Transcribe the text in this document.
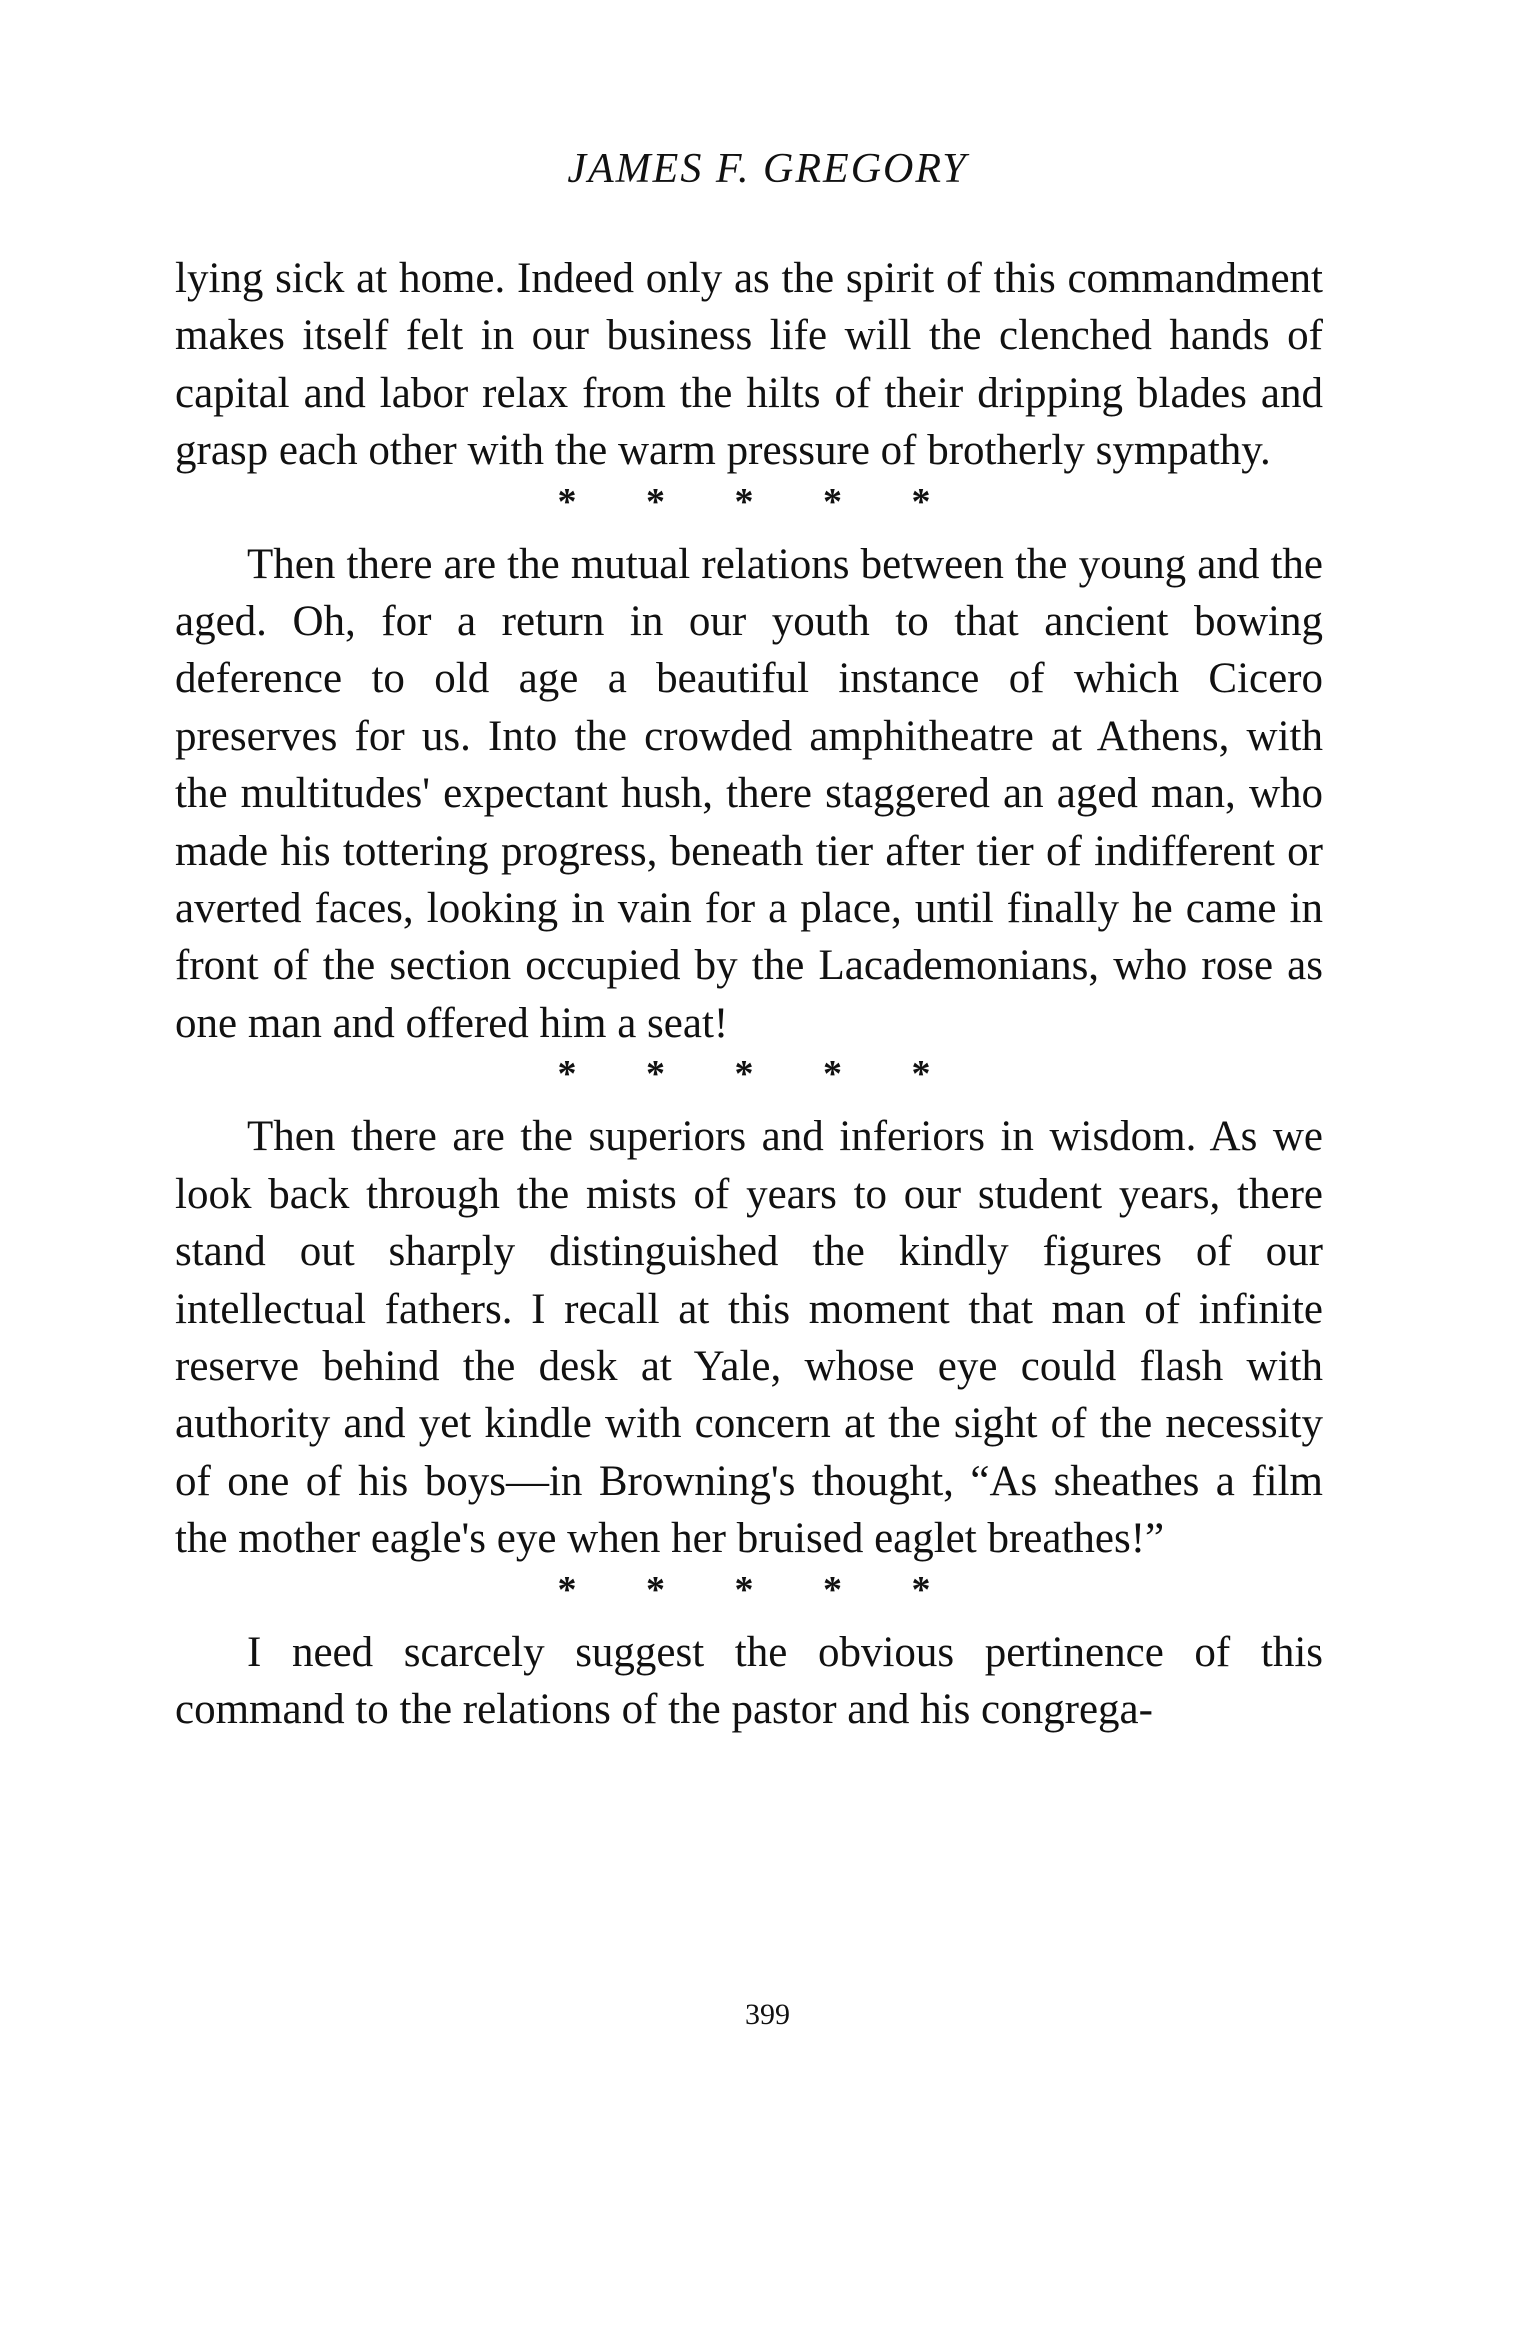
JAMES F. GREGORY

lying sick at home. Indeed only as the spirit of this commandment makes itself felt in our business life will the clenched hands of capital and labor relax from the hilts of their dripping blades and grasp each other with the warm pressure of brotherly sympathy.

* * * * *

Then there are the mutual relations between the young and the aged. Oh, for a return in our youth to that ancient bowing deference to old age a beautiful instance of which Cicero preserves for us. Into the crowded amphitheatre at Athens, with the multitudes' expectant hush, there staggered an aged man, who made his tottering progress, beneath tier after tier of indifferent or averted faces, looking in vain for a place, until finally he came in front of the section occupied by the Lacademonians, who rose as one man and offered him a seat!

* * * * *

Then there are the superiors and inferiors in wisdom. As we look back through the mists of years to our student years, there stand out sharply distinguished the kindly figures of our intellectual fathers. I recall at this moment that man of infinite reserve behind the desk at Yale, whose eye could flash with authority and yet kindle with concern at the sight of the necessity of one of his boys—in Browning's thought, “As sheathes a film the mother eagle's eye when her bruised eaglet breathes!”

* * * * *

I need scarcely suggest the obvious pertinence of this command to the relations of the pastor and his congrega-

399
